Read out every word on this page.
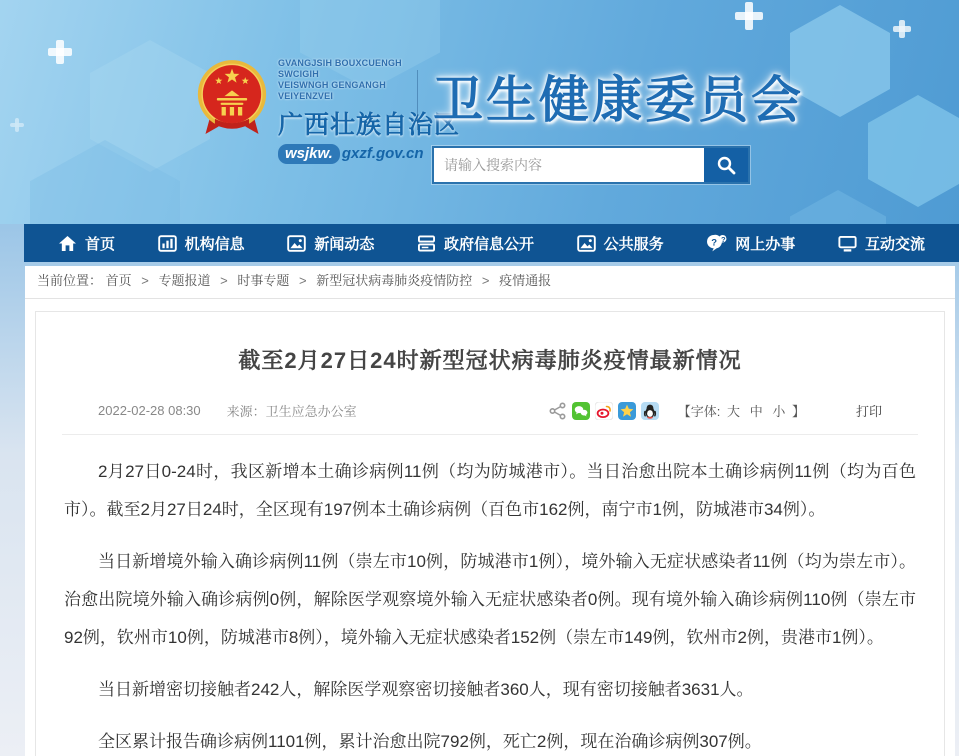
GVANGJSIH BOUXCUENGH SWCIGIH
VEISWNGH GENGANGH VEIYENZVEI
广西壮族自治区
wsjkw. gxzf.gov.cn
卫生健康委员会
请输入搜索内容
首页	机构信息	新闻动态	政府信息公开	公共服务	? ? 网上办事	互动交流
当前位置： 首页 > 专题报道 > 时事专题 > 新型冠状病毒肺炎疫情防控 > 疫情通报
截至2月27日24时新型冠状病毒肺炎疫情最新情况
2022-02-28 08:30 来源：卫生应急办公室	【字体: 大 中 小 】	打印

2月27日0-24时，我区新增本土确诊病例11例（均为防城港市）。当日治愈出院本土确诊病例11例（均为百色市）。截至2月27日24时，全区现有197例本土确诊病例（百色市162例，南宁市1例，防城港市34例）。

当日新增境外输入确诊病例11例（崇左市10例，防城港市1例），境外输入无症状感染者11例（均为崇左市）。治愈出院境外输入确诊病例0例，解除医学观察境外输入无症状感染者0例。现有境外输入确诊病例110例（崇左市92例，钦州市10例，防城港市8例），境外输入无症状感染者152例（崇左市149例，钦州市2例，贵港市1例）。

当日新增密切接触者242人，解除医学观察密切接触者360人，现有密切接触者3631人。

全区累计报告确诊病例1101例，累计治愈出院792例，死亡2例，现在治确诊病例307例。
